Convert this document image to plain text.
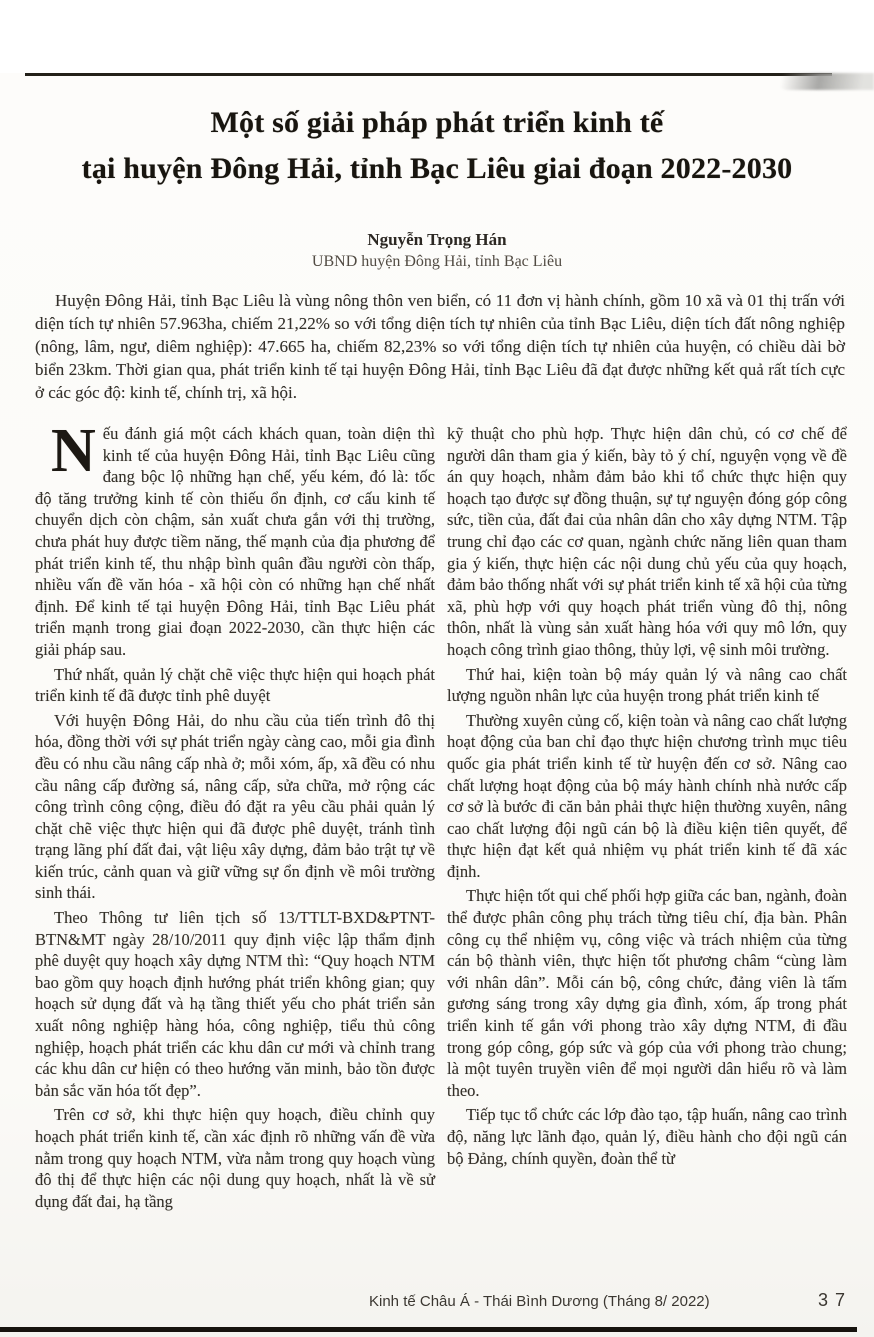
Một số giải pháp phát triển kinh tế
tại huyện Đông Hải, tỉnh Bạc Liêu giai đoạn 2022-2030
Nguyễn Trọng Hán
UBND huyện Đông Hải, tỉnh Bạc Liêu

Huyện Đông Hải, tỉnh Bạc Liêu là vùng nông thôn ven biển, có 11 đơn vị hành chính, gồm 10 xã và 01 thị trấn với diện tích tự nhiên 57.963ha, chiếm 21,22% so với tổng diện tích tự nhiên của tỉnh Bạc Liêu, diện tích đất nông nghiệp (nông, lâm, ngư, diêm nghiệp): 47.665 ha, chiếm 82,23% so với tổng diện tích tự nhiên của huyện, có chiều dài bờ biển 23km. Thời gian qua, phát triển kinh tế tại huyện Đông Hải, tỉnh Bạc Liêu đã đạt được những kết quả rất tích cực ở các góc độ: kinh tế, chính trị, xã hội.

Nếu đánh giá một cách khách quan, toàn diện thì kinh tế của huyện Đông Hải, tỉnh Bạc Liêu cũng đang bộc lộ những hạn chế, yếu kém, đó là: tốc độ tăng trưởng kinh tế còn thiếu ổn định, cơ cấu kinh tế chuyển dịch còn chậm, sản xuất chưa gắn với thị trường, chưa phát huy được tiềm năng, thế mạnh của địa phương để phát triển kinh tế, thu nhập bình quân đầu người còn thấp, nhiều vấn đề văn hóa - xã hội còn có những hạn chế nhất định. Để kinh tế tại huyện Đông Hải, tỉnh Bạc Liêu phát triển mạnh trong giai đoạn 2022-2030, cần thực hiện các giải pháp sau.

Thứ nhất, quản lý chặt chẽ việc thực hiện qui hoạch phát triển kinh tế đã được tỉnh phê duyệt

Với huyện Đông Hải, do nhu cầu của tiến trình đô thị hóa, đồng thời với sự phát triển ngày càng cao, mỗi gia đình đều có nhu cầu nâng cấp nhà ở; mỗi xóm, ấp, xã đều có nhu cầu nâng cấp đường sá, nâng cấp, sửa chữa, mở rộng các công trình công cộng, điều đó đặt ra yêu cầu phải quản lý chặt chẽ việc thực hiện qui đã được phê duyệt, tránh tình trạng lãng phí đất đai, vật liệu xây dựng, đảm bảo trật tự về kiến trúc, cảnh quan và giữ vững sự ổn định về môi trường sinh thái.

Theo Thông tư liên tịch số 13/TTLT-BXD&PTNT-BTN&MT ngày 28/10/2011 quy định việc lập thẩm định phê duyệt quy hoạch xây dựng NTM thì: “Quy hoạch NTM bao gồm quy hoạch định hướng phát triển không gian; quy hoạch sử dụng đất và hạ tầng thiết yếu cho phát triển sản xuất nông nghiệp hàng hóa, công nghiệp, tiểu thủ công nghiệp, hoạch phát triển các khu dân cư mới và chỉnh trang các khu dân cư hiện có theo hướng văn minh, bảo tồn được bản sắc văn hóa tốt đẹp”.

Trên cơ sở, khi thực hiện quy hoạch, điều chỉnh quy hoạch phát triển kinh tế, cần xác định rõ những vấn đề vừa nằm trong quy hoạch NTM, vừa nằm trong quy hoạch vùng đô thị để thực hiện các nội dung quy hoạch, nhất là về sử dụng đất đai, hạ tầng

kỹ thuật cho phù hợp. Thực hiện dân chủ, có cơ chế để người dân tham gia ý kiến, bày tỏ ý chí, nguyện vọng về đề án quy hoạch, nhằm đảm bảo khi tổ chức thực hiện quy hoạch tạo được sự đồng thuận, sự tự nguyện đóng góp công sức, tiền của, đất đai của nhân dân cho xây dựng NTM. Tập trung chỉ đạo các cơ quan, ngành chức năng liên quan tham gia ý kiến, thực hiện các nội dung chủ yếu của quy hoạch, đảm bảo thống nhất với sự phát triển kinh tế xã hội của từng xã, phù hợp với quy hoạch phát triển vùng đô thị, nông thôn, nhất là vùng sản xuất hàng hóa với quy mô lớn, quy hoạch công trình giao thông, thủy lợi, vệ sinh môi trường.

Thứ hai, kiện toàn bộ máy quản lý và nâng cao chất lượng nguồn nhân lực của huyện trong phát triển kinh tế

Thường xuyên củng cố, kiện toàn và nâng cao chất lượng hoạt động của ban chỉ đạo thực hiện chương trình mục tiêu quốc gia phát triển kinh tế từ huyện đến cơ sở. Nâng cao chất lượng hoạt động của bộ máy hành chính nhà nước cấp cơ sở là bước đi căn bản phải thực hiện thường xuyên, nâng cao chất lượng đội ngũ cán bộ là điều kiện tiên quyết, để thực hiện đạt kết quả nhiệm vụ phát triển kinh tế đã xác định.

Thực hiện tốt qui chế phối hợp giữa các ban, ngành, đoàn thể được phân công phụ trách từng tiêu chí, địa bàn. Phân công cụ thể nhiệm vụ, công việc và trách nhiệm của từng cán bộ thành viên, thực hiện tốt phương châm “cùng làm với nhân dân”. Mỗi cán bộ, công chức, đảng viên là tấm gương sáng trong xây dựng gia đình, xóm, ấp trong phát triển kinh tế gắn với phong trào xây dựng NTM, đi đầu trong góp công, góp sức và góp của với phong trào chung; là một tuyên truyền viên để mọi người dân hiểu rõ và làm theo.

Tiếp tục tổ chức các lớp đào tạo, tập huấn, nâng cao trình độ, năng lực lãnh đạo, quản lý, điều hành cho đội ngũ cán bộ Đảng, chính quyền, đoàn thể từ

Kinh tế Châu Á - Thái Bình Dương (Tháng 8/ 2022)	37
